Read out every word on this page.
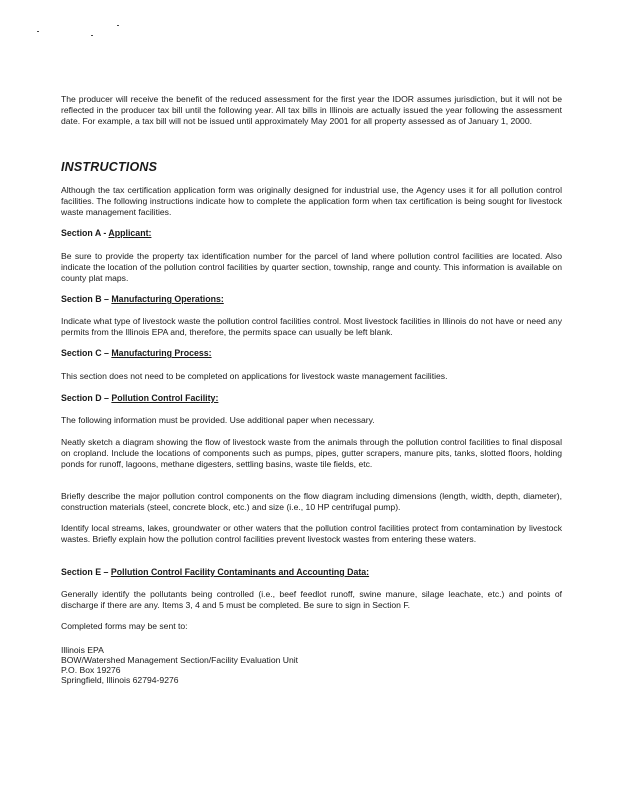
The producer will receive the benefit of the reduced assessment for the first year the IDOR assumes jurisdiction, but it will not be reflected in the producer tax bill until the following year. All tax bills in Illinois are actually issued the year following the assessment date. For example, a tax bill will not be issued until approximately May 2001 for all property assessed as of January 1, 2000.

INSTRUCTIONS

Although the tax certification application form was originally designed for industrial use, the Agency uses it for all pollution control facilities. The following instructions indicate how to complete the application form when tax certification is being sought for livestock waste management facilities.

Section A - Applicant:

Be sure to provide the property tax identification number for the parcel of land where pollution control facilities are located. Also indicate the location of the pollution control facilities by quarter section, township, range and county. This information is available on county plat maps.

Section B – Manufacturing Operations:

Indicate what type of livestock waste the pollution control facilities control. Most livestock facilities in Illinois do not have or need any permits from the Illinois EPA and, therefore, the permits space can usually be left blank.

Section C – Manufacturing Process:

This section does not need to be completed on applications for livestock waste management facilities.

Section D – Pollution Control Facility:

The following information must be provided. Use additional paper when necessary.

Neatly sketch a diagram showing the flow of livestock waste from the animals through the pollution control facilities to final disposal on cropland. Include the locations of components such as pumps, pipes, gutter scrapers, manure pits, tanks, slotted floors, holding ponds for runoff, lagoons, methane digesters, settling basins, waste tile fields, etc.

Briefly describe the major pollution control components on the flow diagram including dimensions (length, width, depth, diameter), construction materials (steel, concrete block, etc.) and size (i.e., 10 HP centrifugal pump).

Identify local streams, lakes, groundwater or other waters that the pollution control facilities protect from contamination by livestock wastes. Briefly explain how the pollution control facilities prevent livestock wastes from entering these waters.

Section E – Pollution Control Facility Contaminants and Accounting Data:

Generally identify the pollutants being controlled (i.e., beef feedlot runoff, swine manure, silage leachate, etc.) and points of discharge if there are any. Items 3, 4 and 5 must be completed. Be sure to sign in Section F.

Completed forms may be sent to:

Illinois EPA

BOW/Watershed Management Section/Facility Evaluation Unit

P.O. Box 19276

Springfield, Illinois 62794-9276
